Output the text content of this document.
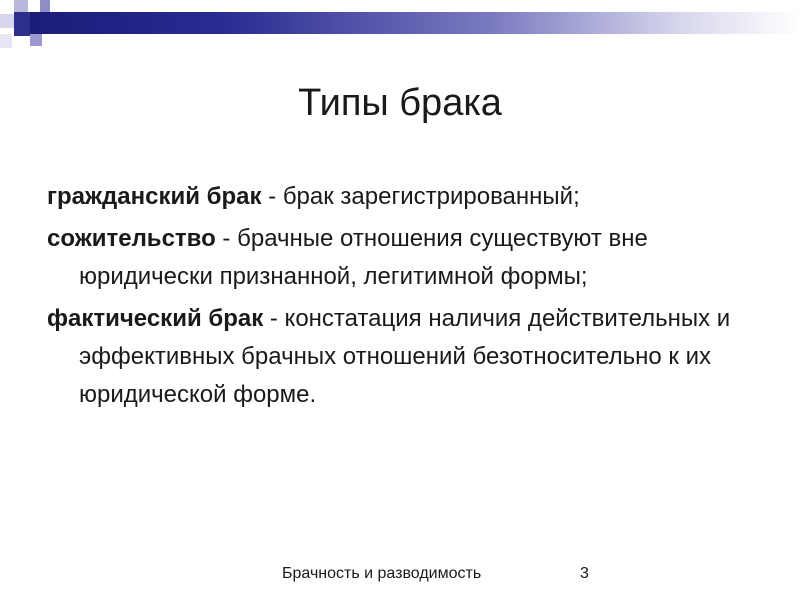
Типы брака

гражданский брак - брак зарегистрированный;

сожительство - брачные отношения существуют вне юридически признанной, легитимной формы;

фактический брак - констатация наличия действительных и эффективных брачных отношений безотносительно к их юридической форме.

Брачность и разводимость	3
